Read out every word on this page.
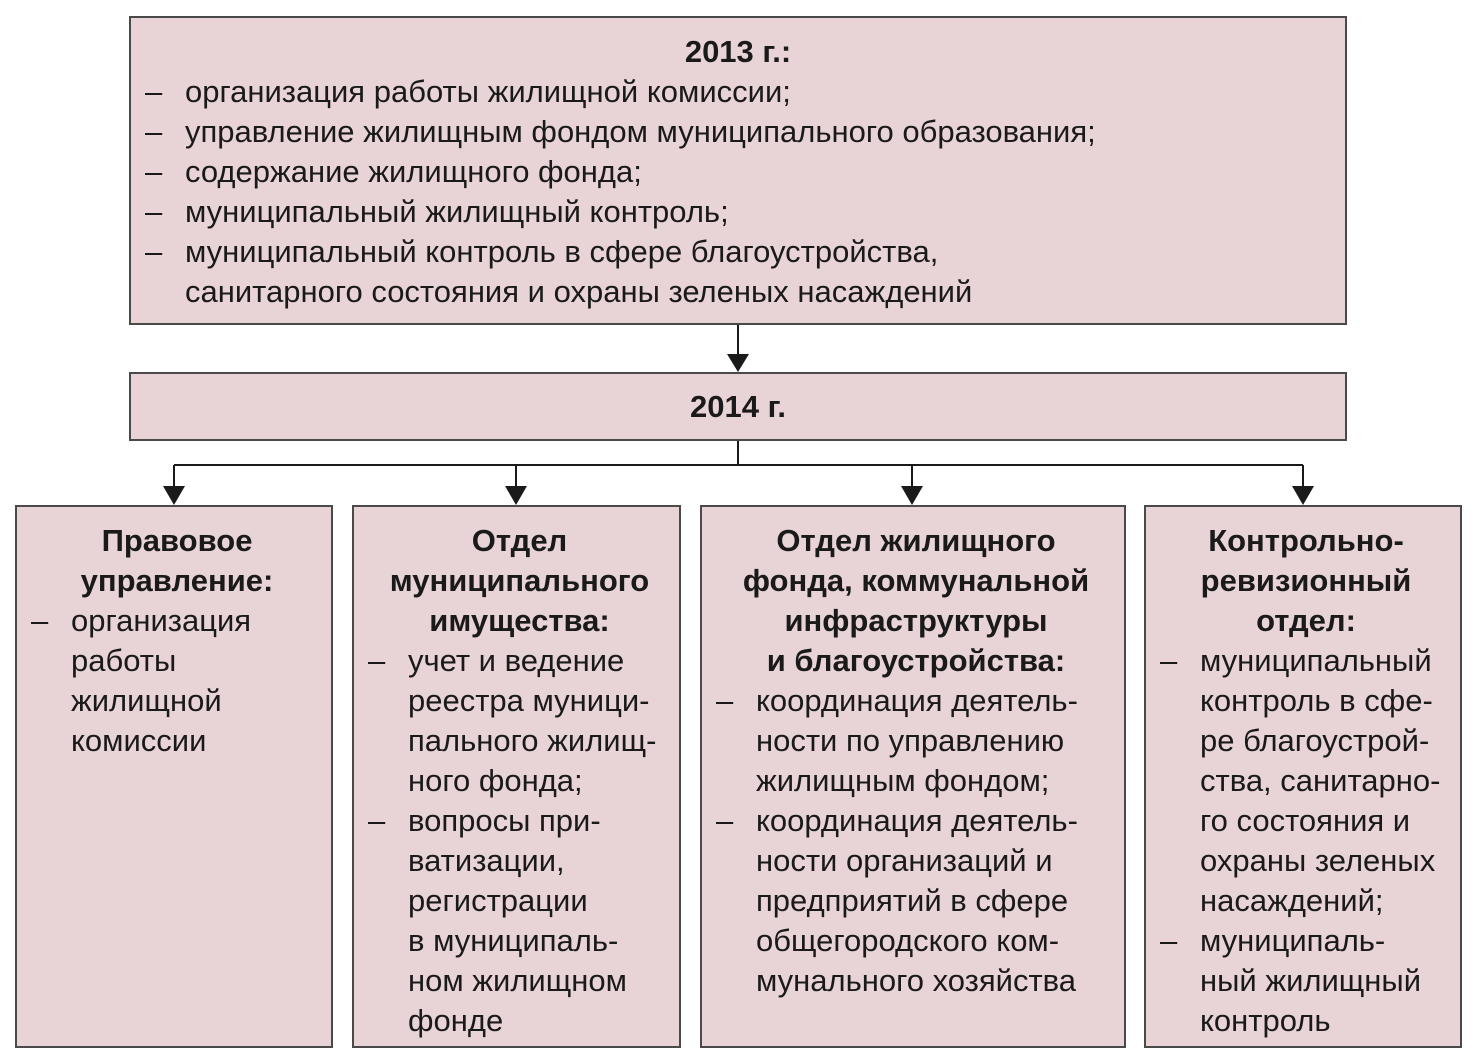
2013 г.:
– организация работы жилищной комиссии;
– управление жилищным фондом муниципального образования;
– содержание жилищного фонда;
– муниципальный жилищный контроль;
– муниципальный контроль в сфере благоустройства,
санитарного состояния и охраны зеленых насаждений
2014 г.
Правовое
управление:
– организация
работы
жилищной
комиссии
Отдел
муниципального
имущества:
– учет и ведение
реестра муници-
пального жилищ-
ного фонда;
– вопросы при-
ватизации,
регистрации
в муниципаль-
ном жилищном
фонде
Отдел жилищного
фонда, коммунальной
инфраструктуры
и благоустройства:
– координация деятель-
ности по управлению
жилищным фондом;
– координация деятель-
ности организаций и
предприятий в сфере
общегородского ком-
мунального хозяйства
Контрольно-
ревизионный
отдел:
– муниципальный
контроль в сфе-
ре благоустрой-
ства, санитарно-
го состояния и
охраны зеленых
насаждений;
– муниципаль-
ный жилищный
контроль
